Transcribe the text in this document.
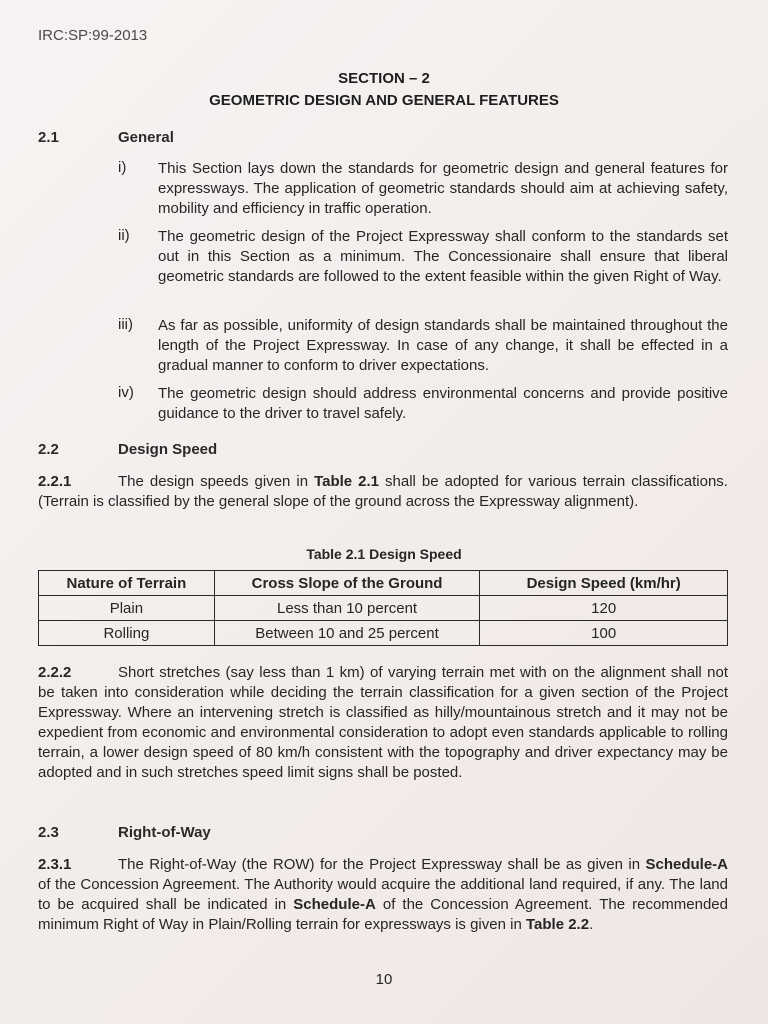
IRC:SP:99-2013
SECTION – 2
GEOMETRIC DESIGN AND GENERAL FEATURES
2.1	General
i) This Section lays down the standards for geometric design and general features for expressways. The application of geometric standards should aim at achieving safety, mobility and efficiency in traffic operation.
ii) The geometric design of the Project Expressway shall conform to the standards set out in this Section as a minimum. The Concessionaire shall ensure that liberal geometric standards are followed to the extent feasible within the given Right of Way.
iii) As far as possible, uniformity of design standards shall be maintained throughout the length of the Project Expressway. In case of any change, it shall be effected in a gradual manner to conform to driver expectations.
iv) The geometric design should address environmental concerns and provide positive guidance to the driver to travel safely.
2.2	Design Speed

2.2.1	The design speeds given in Table 2.1 shall be adopted for various terrain classifications. (Terrain is classified by the general slope of the ground across the Expressway alignment).

Table 2.1 Design Speed
Nature of Terrain	Cross Slope of the Ground	Design Speed (km/hr)
Plain	Less than 10 percent	120
Rolling	Between 10 and 25 percent	100

2.2.2	Short stretches (say less than 1 km) of varying terrain met with on the alignment shall not be taken into consideration while deciding the terrain classification for a given section of the Project Expressway. Where an intervening stretch is classified as hilly/mountainous stretch and it may not be expedient from economic and environmental consideration to adopt even standards applicable to rolling terrain, a lower design speed of 80 km/h consistent with the topography and driver expectancy may be adopted and in such stretches speed limit signs shall be posted.

2.3	Right-of-Way

2.3.1	The Right-of-Way (the ROW) for the Project Expressway shall be as given in Schedule-A of the Concession Agreement. The Authority would acquire the additional land required, if any. The land to be acquired shall be indicated in Schedule-A of the Concession Agreement. The recommended minimum Right of Way in Plain/Rolling terrain for expressways is given in Table 2.2.

10
